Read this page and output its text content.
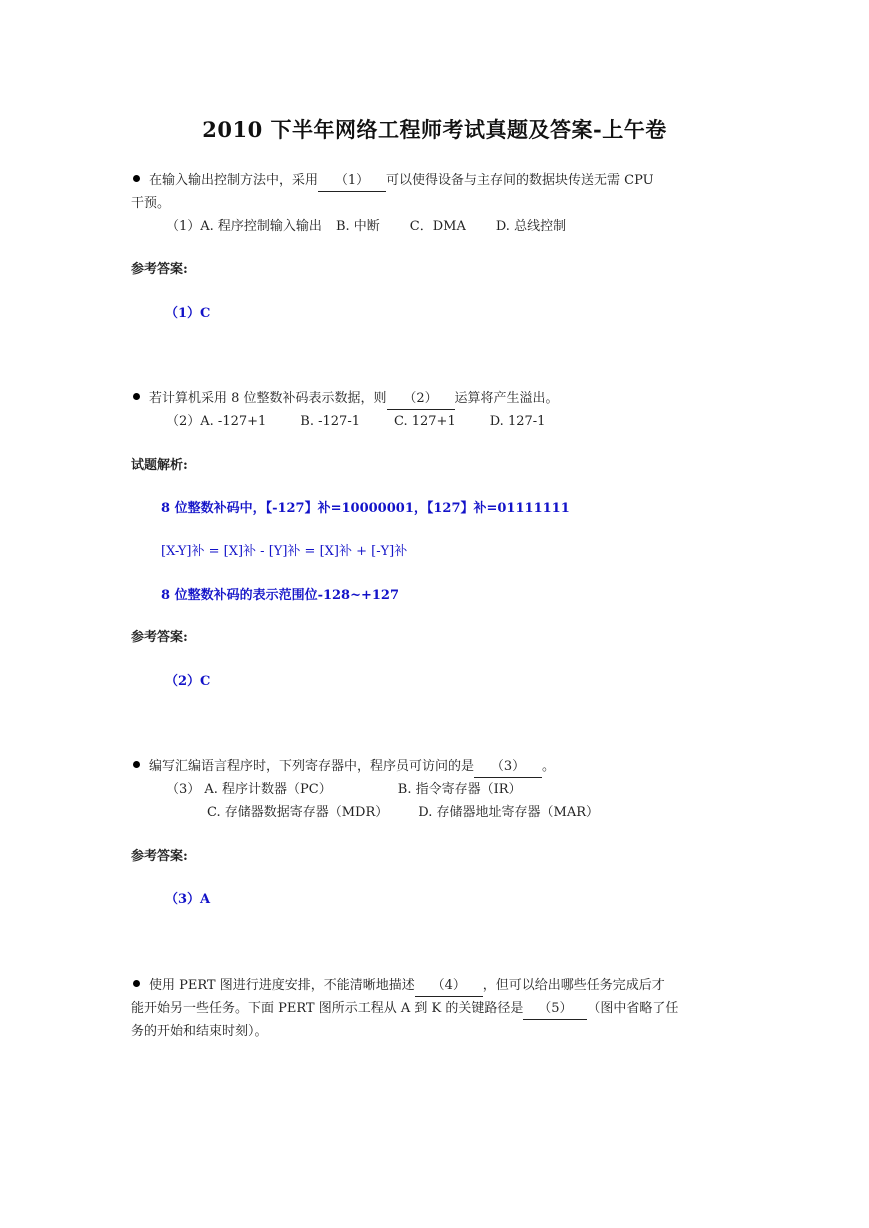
2010 下半年网络工程师考试真题及答案-上午卷
在输入输出控制方法中，采用 （1） 可以使得设备与主存间的数据块传送无需 CPU
干预。
（1）A. 程序控制输入输出 B. 中断 C．DMA D. 总线控制
参考答案:
（1）C
若计算机采用 8 位整数补码表示数据，则 （2） 运算将产生溢出。
（2）A. -127+1	B. -127-1	C. 127+1	D. 127-1
试题解析:
8 位整数补码中，【-127】补=10000001，【127】补=01111111
[X-Y]补 = [X]补 - [Y]补 = [X]补 + [-Y]补
8 位整数补码的表示范围位-128~+127
参考答案:
（2）C
编写汇编语言程序时，下列寄存器中，程序员可访问的是 （3） 。
（3） A. 程序计数器（PC）	B. 指令寄存器（IR）
C. 存储器数据寄存器（MDR） D. 存储器地址寄存器（MAR）
参考答案:
（3）A
使用 PERT 图进行进度安排，不能清晰地描述 （4） ，但可以给出哪些任务完成后才
能开始另一些任务。下面 PERT 图所示工程从 A 到 K 的关键路径是 （5） （图中省略了任
务的开始和结束时刻）。
